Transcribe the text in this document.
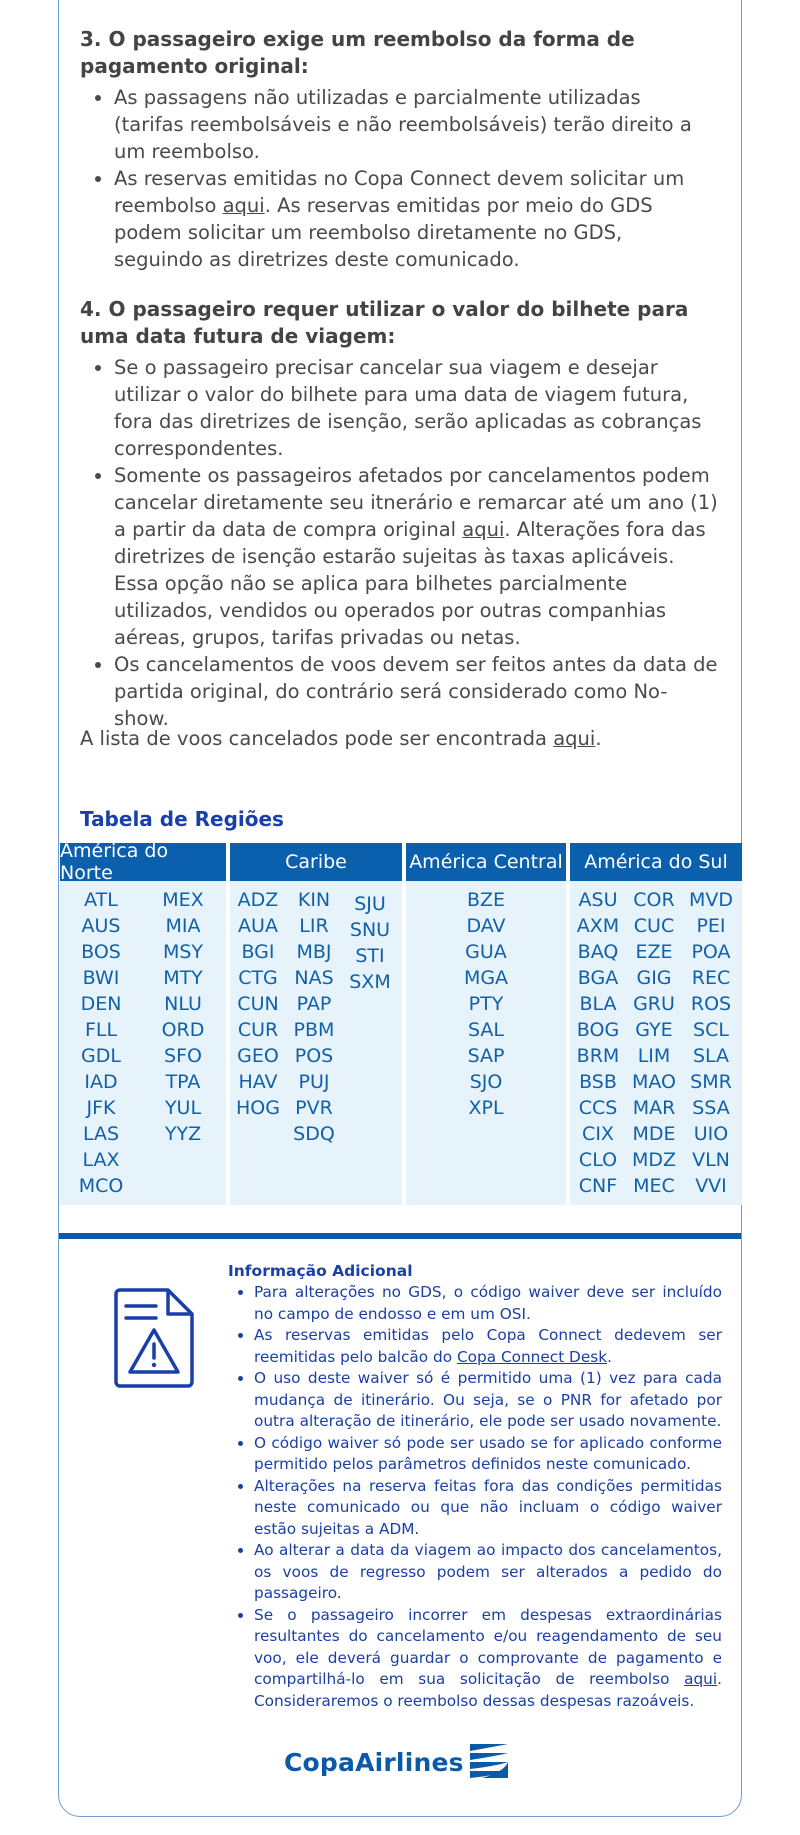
3. O passageiro exige um reembolso da forma de pagamento original:
• As passagens não utilizadas e parcialmente utilizadas (tarifas reembolsáveis e não reembolsáveis) terão direito a um reembolso.
• As reservas emitidas no Copa Connect devem solicitar um reembolso aqui. As reservas emitidas por meio do GDS podem solicitar um reembolso diretamente no GDS, seguindo as diretrizes deste comunicado.
4. O passageiro requer utilizar o valor do bilhete para uma data futura de viagem:
• Se o passageiro precisar cancelar sua viagem e desejar utilizar o valor do bilhete para uma data de viagem futura, fora das diretrizes de isenção, serão aplicadas as cobranças correspondentes.
• Somente os passageiros afetados por cancelamentos podem cancelar diretamente seu itnerário e remarcar até um ano (1) a partir da data de compra original aqui. Alterações fora das diretrizes de isenção estarão sujeitas às taxas aplicáveis. Essa opção não se aplica para bilhetes parcialmente utilizados, vendidos ou operados por outras companhias aéreas, grupos, tarifas privadas ou netas.
• Os cancelamentos de voos devem ser feitos antes da data de partida original, do contrário será considerado como No-show.
A lista de voos cancelados pode ser encontrada aqui.
Tabela de Regiões
América do Norte
ATL
AUS
BOS
BWI
DEN
FLL
GDL
IAD
JFK
LAS
LAX
MCO
MEX
MIA
MSY
MTY
NLU
ORD
SFO
TPA
YUL
YYZ
Caribe
ADZ
AUA
BGI
CTG
CUN
CUR
GEO
HAV
HOG
KIN
LIR
MBJ
NAS
PAP
PBM
POS
PUJ
PVR
SDQ
SJU
SNU
STI
SXM
América Central
BZE
DAV
GUA
MGA
PTY
SAL
SAP
SJO
XPL
América do Sul
ASU
AXM
BAQ
BGA
BLA
BOG
BRM
BSB
CCS
CIX
CLO
CNF
COR
CUC
EZE
GIG
GRU
GYE
LIM
MAO
MAR
MDE
MDZ
MEC
MVD
PEI
POA
REC
ROS
SCL
SLA
SMR
SSA
UIO
VLN
VVI
Informação Adicional
• Para alterações no GDS, o código waiver deve ser incluído no campo de endosso e em um OSI.
• As reservas emitidas pelo Copa Connect dedevem ser reemitidas pelo balcão do Copa Connect Desk.
• O uso deste waiver só é permitido uma (1) vez para cada mudança de itinerário. Ou seja, se o PNR for afetado por outra alteração de itinerário, ele pode ser usado novamente.
• O código waiver só pode ser usado se for aplicado conforme permitido pelos parâmetros definidos neste comunicado.
• Alterações na reserva feitas fora das condições permitidas neste comunicado ou que não incluam o código waiver estão sujeitas a ADM.
• Ao alterar a data da viagem ao impacto dos cancelamentos, os voos de regresso podem ser alterados a pedido do passageiro.
• Se o passageiro incorrer em despesas extraordinárias resultantes do cancelamento e/ou reagendamento de seu voo, ele deverá guardar o comprovante de pagamento e compartilhá-lo em sua solicitação de reembolso aqui. Consideraremos o reembolso dessas despesas razoáveis.
CopaAirlines
